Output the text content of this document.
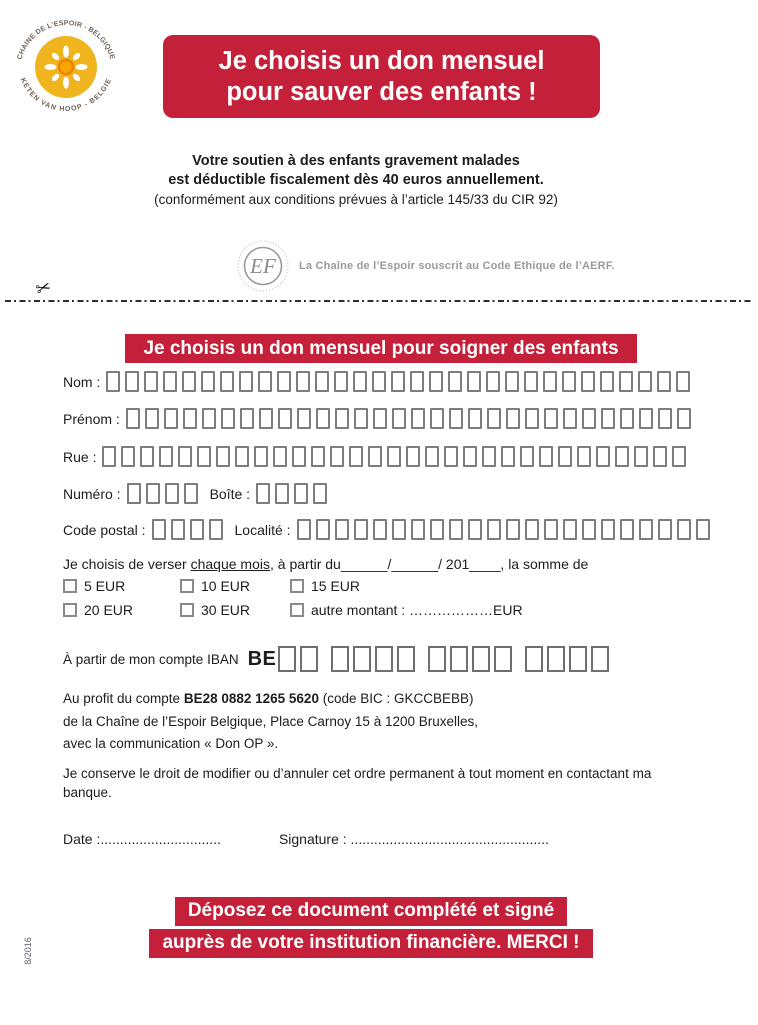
CHAINE DE L'ESPOIR - BELGIQUE
KETEN VAN HOOP - BELGIE
Je choisis un don mensuel
pour sauver des enfants !
Votre soutien à des enfants gravement malades
est déductible fiscalement dès 40 euros annuellement.
(conformément aux conditions prévues à l’article 145/33 du CIR 92)
EF La Chaîne de l’Espoir souscrit au Code Ethique de l’AERF.
✂
Je choisis un don mensuel pour soigner des enfants
Nom :
Prénom :
Rue :
Numéro :	Boîte :
Code postal :	Localité :
Je choisis de verser chaque mois, à partir du______/______/ 201____, la somme de
5 EUR	10 EUR	15 EUR
20 EUR	30 EUR	autre montant : ………………EUR
À partir de mon compte IBAN BE
Au profit du compte BE28 0882 1265 5620 (code BIC : GKCCBEBB)
de la Chaîne de l’Espoir Belgique, Place Carnoy 15 à 1200 Bruxelles,
avec la communication « Don OP ».
Je conserve le droit de modifier ou d’annuler cet ordre permanent à tout moment en contactant ma banque.
Date :...............................	Signature : ...................................................
Déposez ce document complété et signé
auprès de votre institution financière. MERCI !
8/2016
